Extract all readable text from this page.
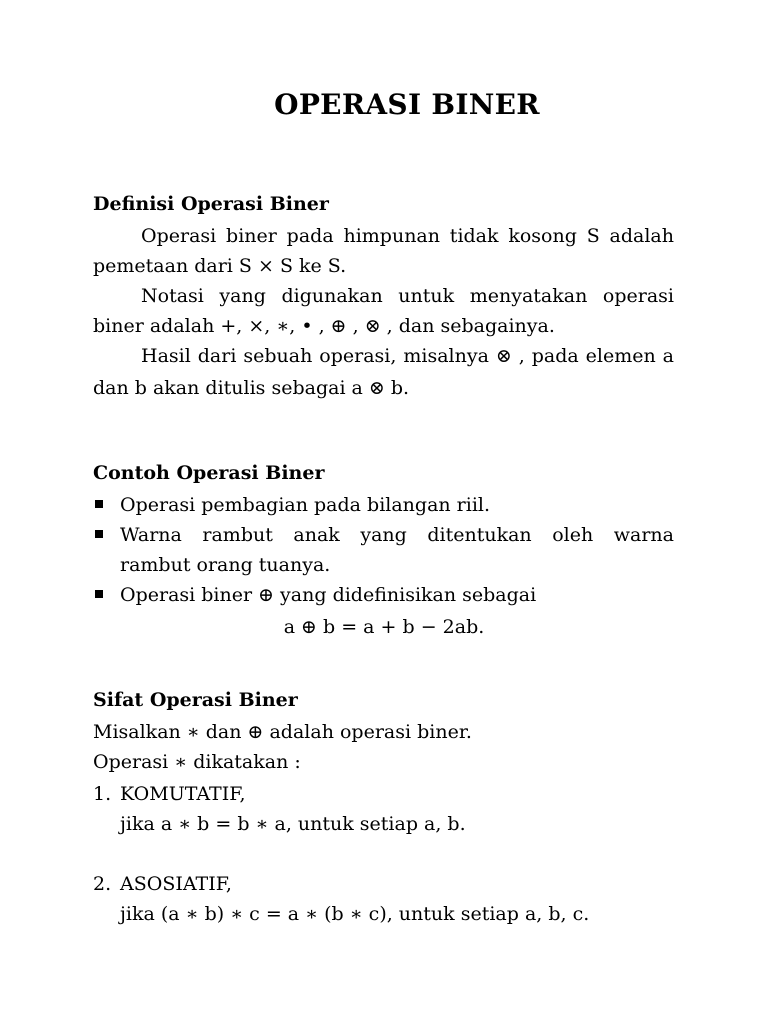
OPERASI BINER
Definisi Operasi Biner
Operasi biner pada himpunan tidak kosong S adalah
pemetaan dari S × S ke S.
Notasi yang digunakan untuk menyatakan operasi
biner adalah +, ×, ∗, • , ⊕ , ⊗ , dan sebagainya.
Hasil dari sebuah operasi, misalnya ⊗ , pada elemen a
dan b akan ditulis sebagai a ⊗ b.
Contoh Operasi Biner
Operasi pembagian pada bilangan riil.
Warna rambut anak yang ditentukan oleh warna
rambut orang tuanya.
Operasi biner ⊕ yang didefinisikan sebagai
a ⊕ b = a + b − 2ab.
Sifat Operasi Biner
Misalkan ∗ dan ⊕ adalah operasi biner.
Operasi ∗ dikatakan :
1. KOMUTATIF,
jika a ∗ b = b ∗ a, untuk setiap a, b.
2. ASOSIATIF,
jika (a ∗ b) ∗ c = a ∗ (b ∗ c), untuk setiap a, b, c.
